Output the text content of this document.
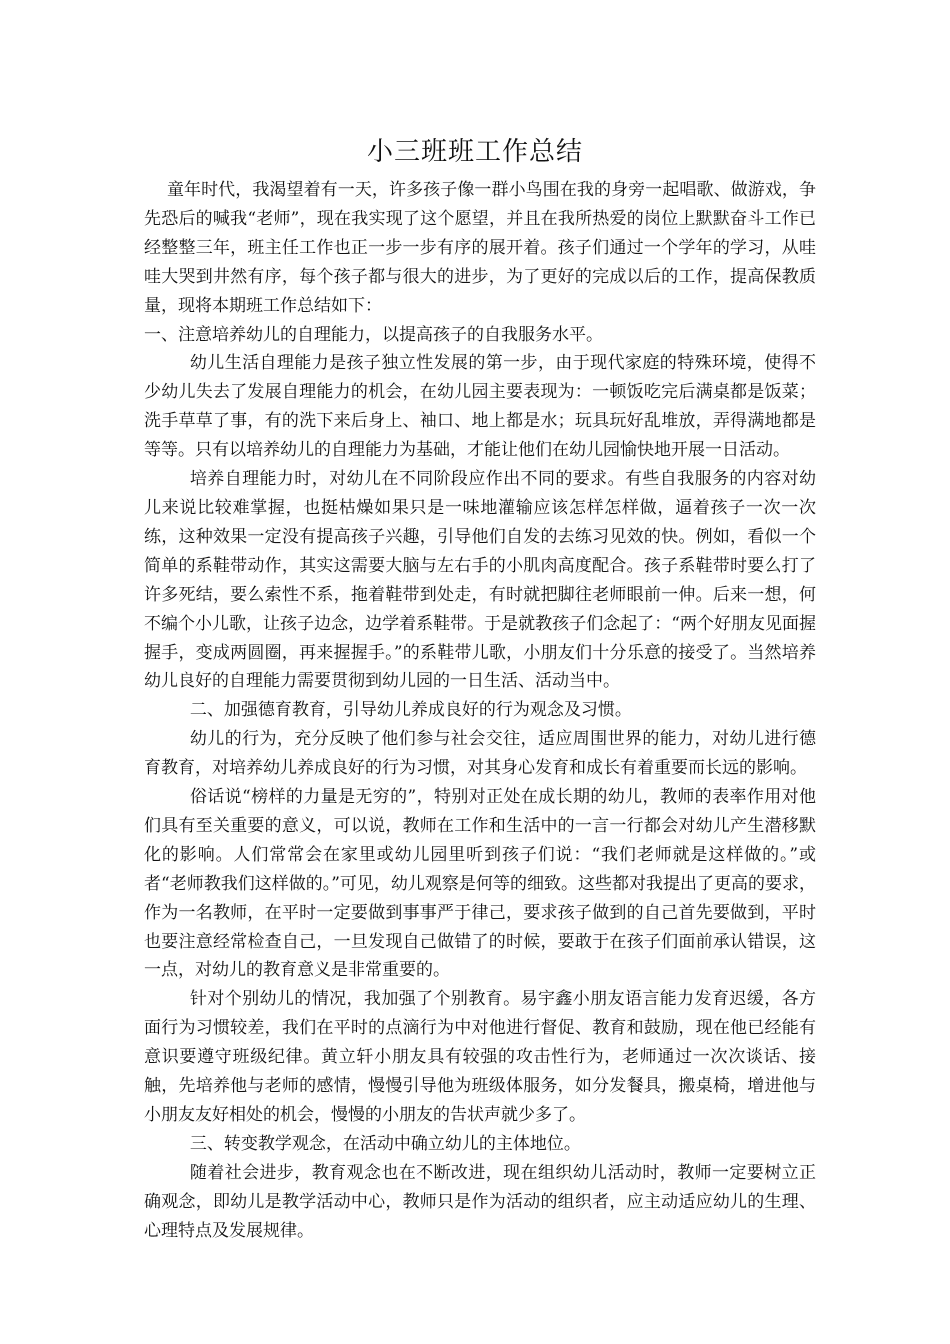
小三班班工作总结

童年时代，我渴望着有一天，许多孩子像一群小鸟围在我的身旁一起唱歌、做游戏，争先恐后的喊我“老师”，现在我实现了这个愿望，并且在我所热爱的岗位上默默奋斗工作已经整整三年，班主任工作也正一步一步有序的展开着。孩子们通过一个学年的学习，从哇哇大哭到井然有序，每个孩子都与很大的进步，为了更好的完成以后的工作，提高保教质量，现将本期班工作总结如下：

一、注意培养幼儿的自理能力，以提高孩子的自我服务水平。

幼儿生活自理能力是孩子独立性发展的第一步，由于现代家庭的特殊环境，使得不少幼儿失去了发展自理能力的机会，在幼儿园主要表现为：一顿饭吃完后满桌都是饭菜；洗手草草了事，有的洗下来后身上、袖口、地上都是水；玩具玩好乱堆放，弄得满地都是等等。只有以培养幼儿的自理能力为基础，才能让他们在幼儿园愉快地开展一日活动。

培养自理能力时，对幼儿在不同阶段应作出不同的要求。有些自我服务的内容对幼儿来说比较难掌握，也挺枯燥如果只是一味地灌输应该怎样怎样做，逼着孩子一次一次练，这种效果一定没有提高孩子兴趣，引导他们自发的去练习见效的快。例如，看似一个简单的系鞋带动作，其实这需要大脑与左右手的小肌肉高度配合。孩子系鞋带时要么打了许多死结，要么索性不系，拖着鞋带到处走，有时就把脚往老师眼前一伸。后来一想，何不编个小儿歌，让孩子边念，边学着系鞋带。于是就教孩子们念起了：“两个好朋友见面握握手，变成两圆圈，再来握握手。”的系鞋带儿歌，小朋友们十分乐意的接受了。当然培养幼儿良好的自理能力需要贯彻到幼儿园的一日生活、活动当中。

二、加强德育教育，引导幼儿养成良好的行为观念及习惯。

幼儿的行为，充分反映了他们参与社会交往，适应周围世界的能力，对幼儿进行德育教育，对培养幼儿养成良好的行为习惯，对其身心发育和成长有着重要而长远的影响。

俗话说“榜样的力量是无穷的”，特别对正处在成长期的幼儿，教师的表率作用对他们具有至关重要的意义，可以说，教师在工作和生活中的一言一行都会对幼儿产生潜移默化的影响。人们常常会在家里或幼儿园里听到孩子们说：“我们老师就是这样做的。”或者“老师教我们这样做的。”可见，幼儿观察是何等的细致。这些都对我提出了更高的要求，作为一名教师，在平时一定要做到事事严于律己，要求孩子做到的自己首先要做到，平时也要注意经常检查自己，一旦发现自己做错了的时候，要敢于在孩子们面前承认错误，这一点，对幼儿的教育意义是非常重要的。

针对个别幼儿的情况，我加强了个别教育。易宇鑫小朋友语言能力发育迟缓，各方面行为习惯较差，我们在平时的点滴行为中对他进行督促、教育和鼓励，现在他已经能有意识要遵守班级纪律。黄立轩小朋友具有较强的攻击性行为，老师通过一次次谈话、接触，先培养他与老师的感情，慢慢引导他为班级体服务，如分发餐具，搬桌椅，增进他与小朋友友好相处的机会，慢慢的小朋友的告状声就少多了。

三、转变教学观念，在活动中确立幼儿的主体地位。

随着社会进步，教育观念也在不断改进，现在组织幼儿活动时，教师一定要树立正确观念，即幼儿是教学活动中心，教师只是作为活动的组织者，应主动适应幼儿的生理、心理特点及发展规律。
